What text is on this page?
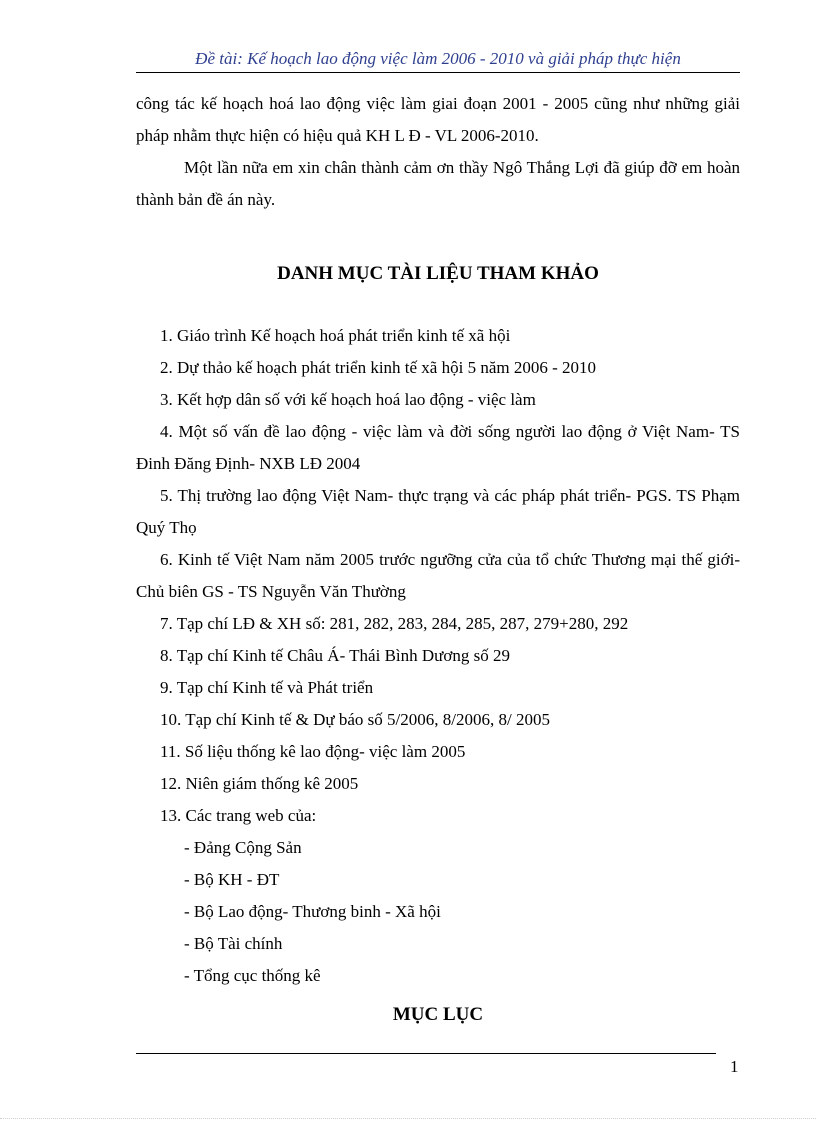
Đề tài: Kế hoạch lao động việc làm 2006 - 2010 và giải pháp thực hiện

công tác kế hoạch hoá lao động việc làm giai đoạn 2001 - 2005 cũng như những giải pháp nhằm thực hiện có hiệu quả KH L Đ - VL 2006-2010.

Một lần nữa em xin chân thành cảm ơn thầy Ngô Thắng Lợi đã giúp đỡ em hoàn thành bản đề án này.

DANH MỤC TÀI LIỆU THAM KHẢO
1. Giáo trình Kế hoạch hoá phát triển kinh tế xã hội
2. Dự thảo kế hoạch phát triển kinh tế xã hội 5 năm 2006 - 2010
3. Kết hợp dân số với kế hoạch hoá lao động - việc làm
4. Một số vấn đề lao động - việc làm và đời sống người lao động ở Việt Nam- TS Đinh Đăng Định- NXB LĐ 2004
5. Thị trường lao động Việt Nam- thực trạng và các pháp phát triển- PGS. TS Phạm Quý Thọ
6. Kinh tế Việt Nam năm 2005 trước ngưỡng cửa của tổ chức Thương mại thế giới- Chủ biên GS - TS Nguyễn Văn Thường
7. Tạp chí LĐ & XH số: 281, 282, 283, 284, 285, 287, 279+280, 292
8. Tạp chí Kinh tế Châu Á- Thái Bình Dương số 29
9. Tạp chí Kinh tế và Phát triển
10. Tạp chí Kinh tế & Dự báo số 5/2006, 8/2006, 8/ 2005
11. Số liệu thống kê lao động- việc làm 2005
12. Niên giám thống kê 2005
13. Các trang web của:
- Đảng Cộng Sản
- Bộ KH - ĐT
- Bộ Lao động- Thương binh - Xã hội
- Bộ Tài chính
- Tổng cục thống kê
MỤC LỤC
1
